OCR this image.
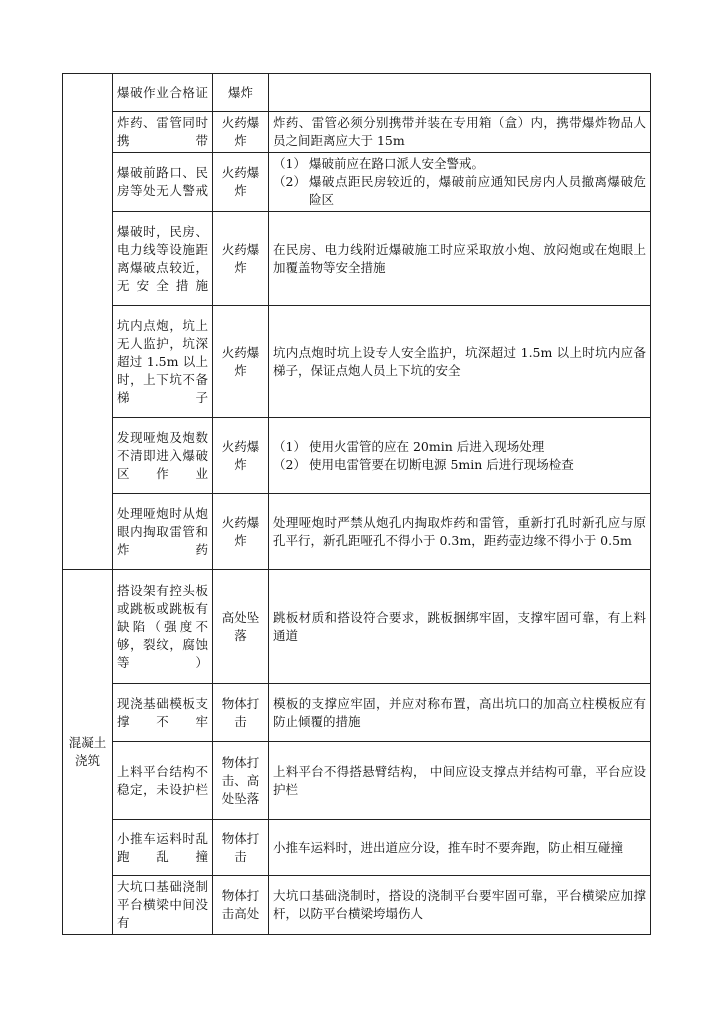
	爆破作业合格证	爆炸	
	炸药、雷管同时携带	火药爆炸	炸药、雷管必须分别携带并装在专用箱（盒）内，携带爆炸物品人员之间距离应大于 15m
	爆破前路口、民房等处无人警戒	火药爆炸	（1） 爆破前应在路口派人安全警戒。
（2） 爆破点距民房较近的，爆破前应通知民房内人员撤离爆破危险区

	爆破时，民房、电力线等设施距离爆破点较近，无安全措施	火药爆炸	在民房、电力线附近爆破施工时应采取放小炮、放闷炮或在炮眼上加覆盖物等安全措施
	坑内点炮，坑上无人监护，坑深超过 1.5m 以上时，上下坑不备梯子	火药爆炸	坑内点炮时坑上设专人安全监护，坑深超过 1.5m 以上时坑内应备梯子，保证点炮人员上下坑的安全
	发现哑炮及炮数不清即进入爆破区作业	火药爆炸	（1） 使用火雷管的应在 20min 后进入现场处理
（2） 使用电雷管要在切断电源 5min 后进行现场检查

	处理哑炮时从炮眼内掏取雷管和炸药	火药爆炸	处理哑炮时严禁从炮孔内掏取炸药和雷管，重新打孔时新孔应与原孔平行，新孔距哑孔不得小于 0.3m，距药壶边缘不得小于 0.5m
混凝土浇筑	搭设架有控头板或跳板或跳板有缺陷（强度不够，裂纹，腐蚀等）	高处坠落	跳板材质和搭设符合要求，跳板捆绑牢固，支撑牢固可靠，有上料通道
	现浇基础模板支撑不牢	物体打击	模板的支撑应牢固，并应对称布置，高出坑口的加高立柱模板应有防止倾覆的措施
	上料平台结构不稳定，未设护栏	物体打击、高处坠落	上料平台不得搭悬臂结构， 中间应设支撑点并结构可靠，平台应设护栏
	小推车运料时乱跑乱撞	物体打击	小推车运料时，进出道应分设，推车时不要奔跑，防止相互碰撞
	大坑口基础浇制平台横梁中间没有	物体打击高处	大坑口基础浇制时，搭设的浇制平台要牢固可靠，平台横梁应加撑杆，以防平台横梁垮塌伤人
